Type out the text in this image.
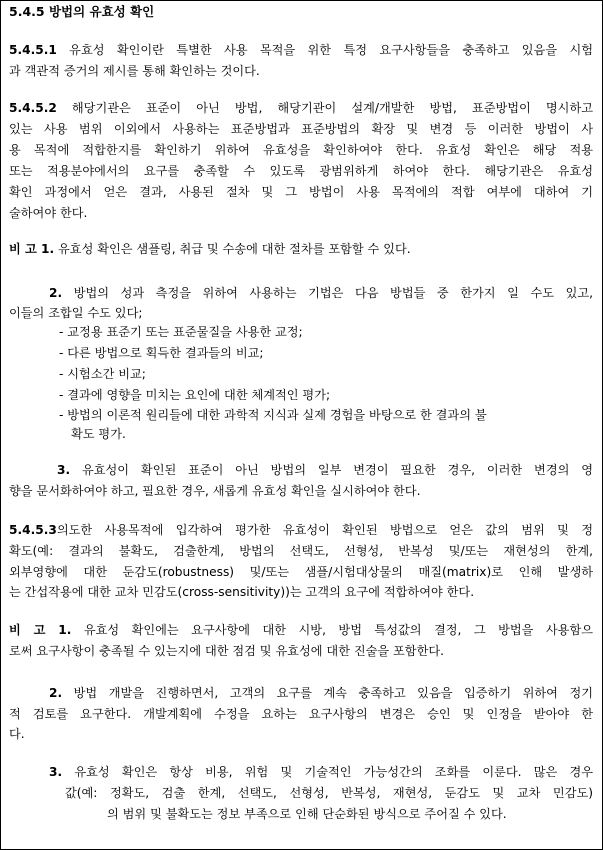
5.4.5 방법의 유효성 확인
5.4.5.1 유효성 확인이란 특별한 사용 목적을 위한 특정 요구사항들을 충족하고 있음을 시험
과 객관적 증거의 제시를 통해 확인하는 것이다.
5.4.5.2 해당기관은 표준이 아닌 방법, 해당기관이 설계/개발한 방법, 표준방법이 명시하고
있는 사용 범위 이외에서 사용하는 표준방법과 표준방법의 확장 및 변경 등 이러한 방법이 사
용 목적에 적합한지를 확인하기 위하여 유효성을 확인하여야 한다. 유효성 확인은 해당 적용
또는 적용분야에서의 요구를 충족할 수 있도록 광범위하게 하여야 한다. 해당기관은 유효성
확인 과정에서 얻은 결과, 사용된 절차 및 그 방법이 사용 목적에의 적합 여부에 대하여 기
술하여야 한다.
비 고 1. 유효성 확인은 샘플링, 취급 및 수송에 대한 절차를 포함할 수 있다.
2. 방법의 성과 측정을 위하여 사용하는 기법은 다음 방법들 중 한가지 일 수도 있고,
이들의 조합일 수도 있다;
- 교정용 표준기 또는 표준물질을 사용한 교정;
- 다른 방법으로 획득한 결과들의 비교;
- 시험소간 비교;
- 결과에 영향을 미치는 요인에 대한 체계적인 평가;
- 방법의 이론적 원리들에 대한 과학적 지식과 실제 경험을 바탕으로 한 결과의 불
확도 평가.
3. 유효성이 확인된 표준이 아닌 방법의 일부 변경이 필요한 경우, 이러한 변경의 영
향을 문서화하여야 하고, 필요한 경우, 새롭게 유효성 확인을 실시하여야 한다.
5.4.5.3의도한 사용목적에 입각하여 평가한 유효성이 확인된 방법으로 얻은 값의 범위 및 정
확도(예: 결과의 불확도, 검출한계, 방법의 선택도, 선형성, 반복성 및/또는 재현성의 한계,
외부영향에 대한 둔감도(robustness) 및/또는 샘플/시험대상물의 매질(matrix)로 인해 발생하
는 간섭작용에 대한 교차 민감도(cross-sensitivity))는 고객의 요구에 적합하여야 한다.
비 고 1. 유효성 확인에는 요구사항에 대한 시방, 방법 특성값의 결정, 그 방법을 사용함으
로써 요구사항이 충족될 수 있는지에 대한 점검 및 유효성에 대한 진술을 포함한다.
2. 방법 개발을 진행하면서, 고객의 요구를 계속 충족하고 있음을 입증하기 위하여 정기
적 검토를 요구한다. 개발계획에 수정을 요하는 요구사항의 변경은 승인 및 인정을 받아야 한
다.
3. 유효성 확인은 항상 비용, 위험 및 기술적인 가능성간의 조화를 이룬다. 많은 경우
값(예: 정확도, 검출 한계, 선택도, 선형성, 반복성, 재현성, 둔감도 및 교차 민감도)
의 범위 및 불확도는 정보 부족으로 인해 단순화된 방식으로 주어질 수 있다.
